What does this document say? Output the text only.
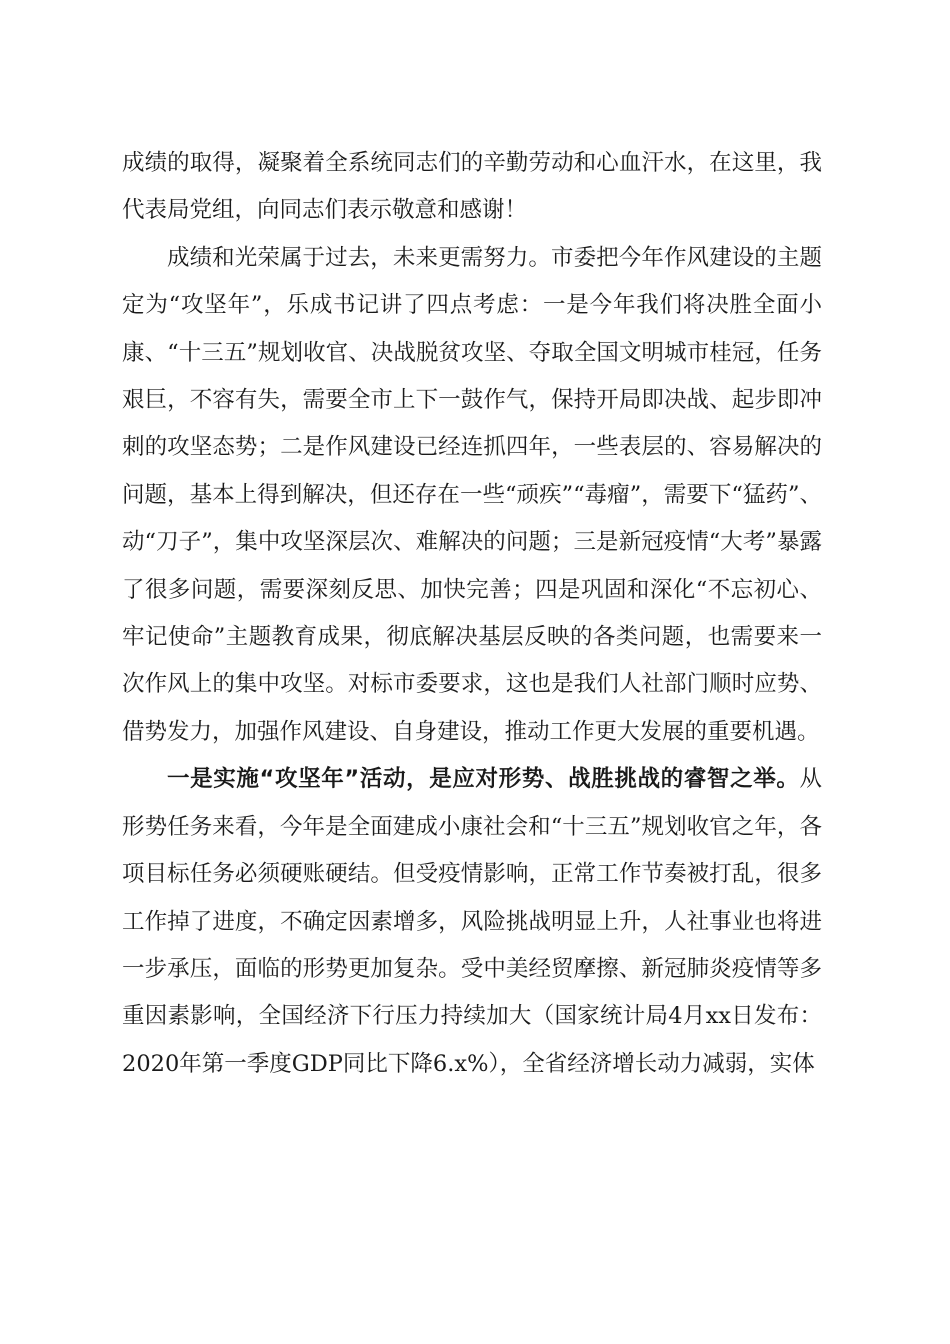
成绩的取得，凝聚着全系统同志们的辛勤劳动和心血汗水，在这里，我代表局党组，向同志们表示敬意和感谢！

成绩和光荣属于过去，未来更需努力。市委把今年作风建设的主题定为“攻坚年”，乐成书记讲了四点考虑：一是今年我们将决胜全面小康、“十三五”规划收官、决战脱贫攻坚、夺取全国文明城市桂冠，任务艰巨，不容有失，需要全市上下一鼓作气，保持开局即决战、起步即冲刺的攻坚态势；二是作风建设已经连抓四年，一些表层的、容易解决的问题，基本上得到解决，但还存在一些“顽疾”“毒瘤”，需要下“猛药”、动“刀子”，集中攻坚深层次、难解决的问题；三是新冠疫情“大考”暴露了很多问题，需要深刻反思、加快完善；四是巩固和深化“不忘初心、牢记使命”主题教育成果，彻底解决基层反映的各类问题，也需要来一次作风上的集中攻坚。对标市委要求，这也是我们人社部门顺时应势、借势发力，加强作风建设、自身建设，推动工作更大发展的重要机遇。

一是实施“攻坚年”活动，是应对形势、战胜挑战的睿智之举。从形势任务来看，今年是全面建成小康社会和“十三五”规划收官之年，各项目标任务必须硬账硬结。但受疫情影响，正常工作节奏被打乱，很多工作掉了进度，不确定因素增多，风险挑战明显上升，人社事业也将进一步承压，面临的形势更加复杂。受中美经贸摩擦、新冠肺炎疫情等多重因素影响，全国经济下行压力持续加大（国家统计局4月xx日发布：2020年第一季度GDP同比下降6.x%），全省经济增长动力减弱，实体
